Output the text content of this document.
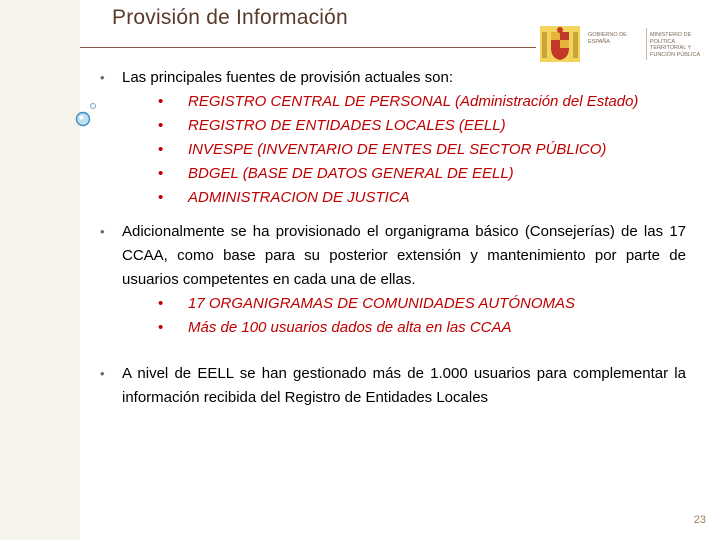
Provisión de Información
GOBIERNO DE ESPAÑA
MINISTERIO DE POLÍTICA TERRITORIAL Y FUNCIÓN PÚBLICA
• Las principales fuentes de provisión actuales son:
• REGISTRO CENTRAL DE PERSONAL (Administración del Estado)
• REGISTRO DE ENTIDADES LOCALES (EELL)
• INVESPE (INVENTARIO DE ENTES DEL SECTOR PÚBLICO)
• BDGEL (BASE DE DATOS GENERAL DE EELL)
• ADMINISTRACION DE JUSTICA
• Adicionalmente se ha provisionado el organigrama básico (Consejerías) de las 17 CCAA, como base para su posterior extensión y mantenimiento por parte de usuarios competentes en cada una de ellas.
• 17 ORGANIGRAMAS DE COMUNIDADES AUTÓNOMAS
• Más de 100 usuarios dados de alta en las CCAA
• A nivel de EELL se han gestionado más de 1.000 usuarios para complementar la información recibida del Registro de Entidades Locales
23
